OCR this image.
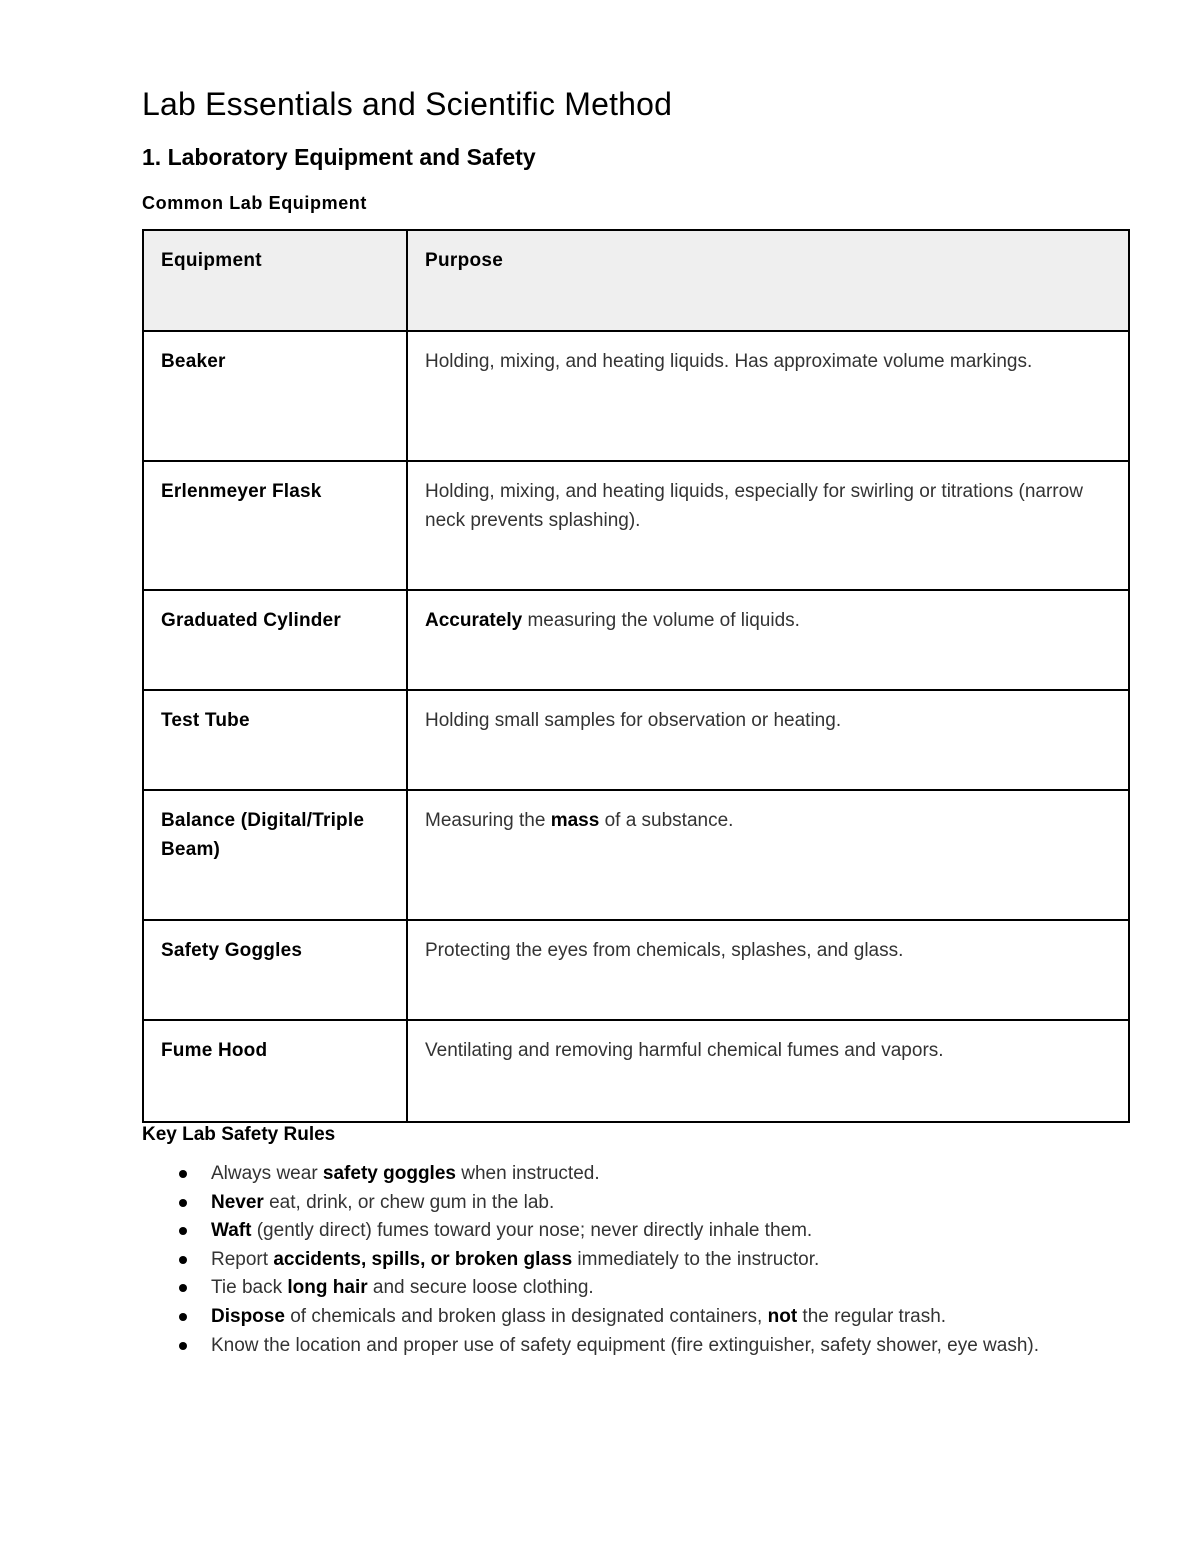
Lab Essentials and Scientific Method
1. Laboratory Equipment and Safety
Common Lab Equipment
Equipment	Purpose
Beaker	Holding, mixing, and heating liquids. Has approximate volume markings.
Erlenmeyer Flask	Holding, mixing, and heating liquids, especially for swirling or titrations (narrow neck prevents splashing).
Graduated Cylinder	Accurately measuring the volume of liquids.
Test Tube	Holding small samples for observation or heating.
Balance (Digital/Triple Beam)	Measuring the mass of a substance.
Safety Goggles	Protecting the eyes from chemicals, splashes, and glass.
Fume Hood	Ventilating and removing harmful chemical fumes and vapors.
Key Lab Safety Rules
Always wear safety goggles when instructed.
Never eat, drink, or chew gum in the lab.
Waft (gently direct) fumes toward your nose; never directly inhale them.
Report accidents, spills, or broken glass immediately to the instructor.
Tie back long hair and secure loose clothing.
Dispose of chemicals and broken glass in designated containers, not the regular trash.
Know the location and proper use of safety equipment (fire extinguisher, safety shower, eye wash).
